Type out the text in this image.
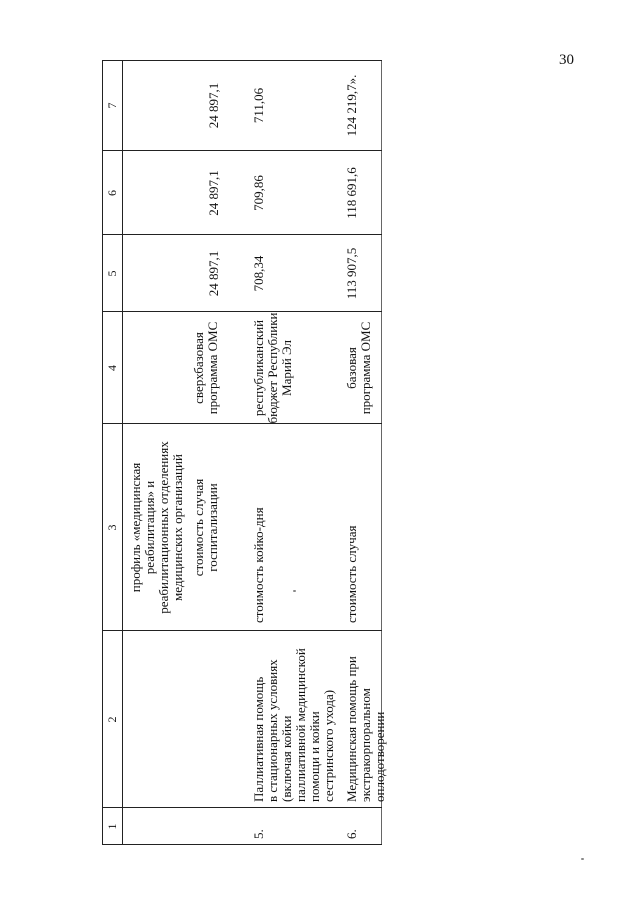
30
1
2
3
4
5
6
7
профиль «медицинская
реабилитация» и
реабилитационных отделениях
медицинских организаций
стоимость случая
госпитализации
сверхбазовая
программа ОМС
24 897,1
24 897,1
24 897,1
5.
Паллиативная помощь
в стационарных условиях
(включая койки
паллиативной медицинской
помощи и койки
сестринского ухода)
стоимость койко-дня
республиканский
бюджет Республики
Марий Эл
708,34
709,86
711,06
6.
Медицинская помощь при
экстракорпоральном
оплодотворении
стоимость случая
базовая
программа ОМС
113 907,5
118 691,6
124 219,7».
